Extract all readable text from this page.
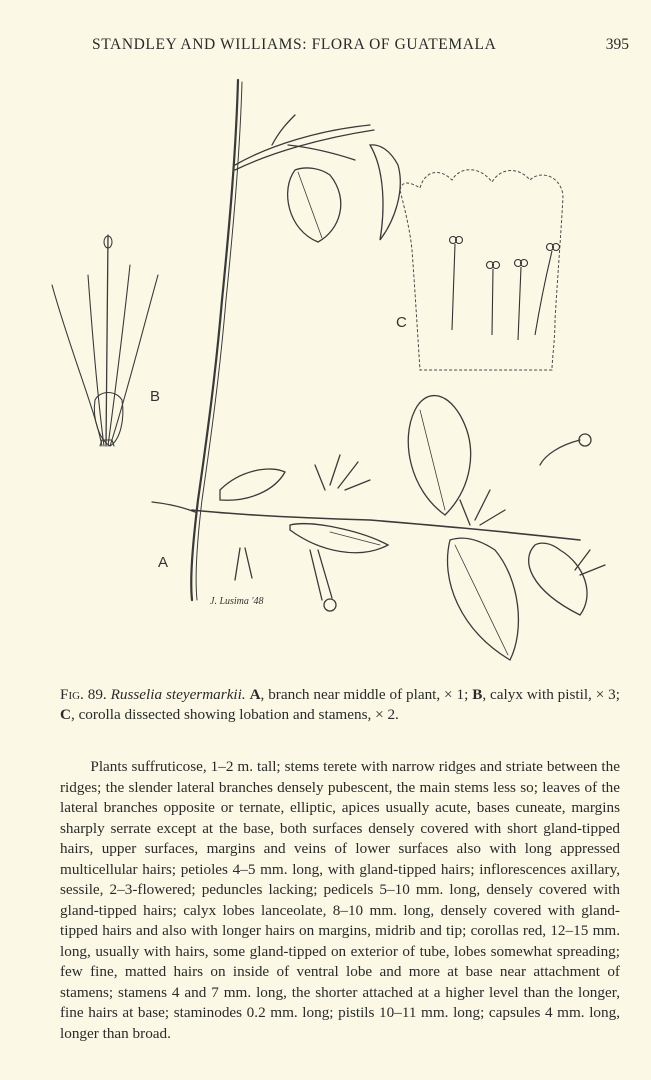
STANDLEY AND WILLIAMS: FLORA OF GUATEMALA	395
B
C
A
J. Lusima '48
Fig. 89. Russelia steyermarkii. A, branch near middle of plant, × 1; B, calyx with pistil, × 3; C, corolla dissected showing lobation and stamens, × 2.

Plants suffruticose, 1–2 m. tall; stems terete with narrow ridges and striate between the ridges; the slender lateral branches densely pubescent, the main stems less so; leaves of the lateral branches opposite or ternate, elliptic, apices usually acute, bases cuneate, margins sharply serrate except at the base, both surfaces densely covered with short gland-tipped hairs, upper surfaces, margins and veins of lower surfaces also with long appressed multicellular hairs; petioles 4–5 mm. long, with gland-tipped hairs; inflorescences axillary, sessile, 2–3-flowered; peduncles lacking; pedicels 5–10 mm. long, densely covered with gland-tipped hairs; calyx lobes lanceolate, 8–10 mm. long, densely covered with gland-tipped hairs and also with longer hairs on margins, midrib and tip; corollas red, 12–15 mm. long, usually with hairs, some gland-tipped on exterior of tube, lobes somewhat spreading; few fine, matted hairs on inside of ventral lobe and more at base near attachment of stamens; stamens 4 and 7 mm. long, the shorter attached at a higher level than the longer, fine hairs at base; staminodes 0.2 mm. long; pistils 10–11 mm. long; capsules 4 mm. long, longer than broad.
